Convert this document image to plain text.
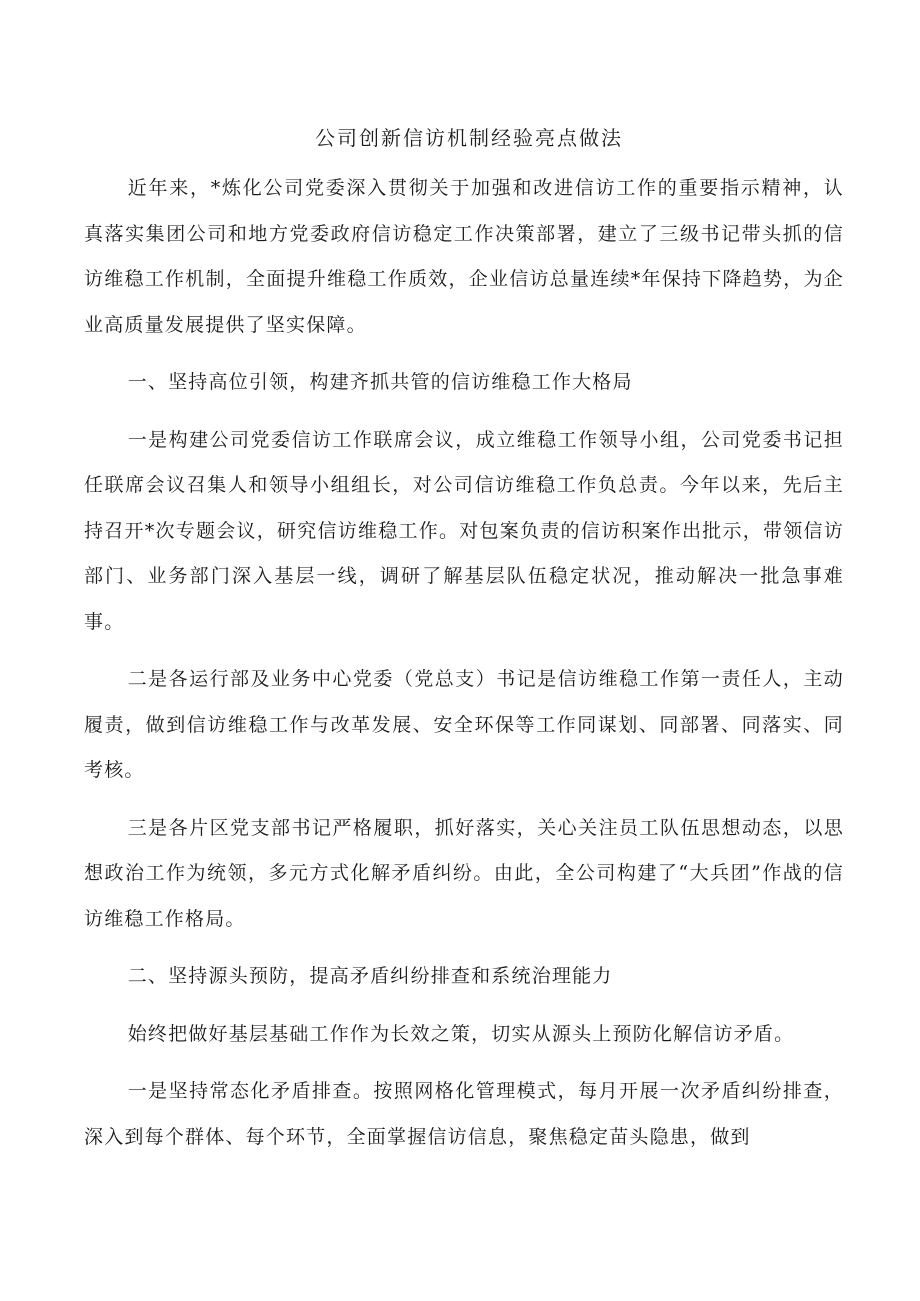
公司创新信访机制经验亮点做法

近年来，*炼化公司党委深入贯彻关于加强和改进信访工作的重要指示精神，认真落实集团公司和地方党委政府信访稳定工作决策部署，建立了三级书记带头抓的信访维稳工作机制，全面提升维稳工作质效，企业信访总量连续*年保持下降趋势，为企业高质量发展提供了坚实保障。

一、坚持高位引领，构建齐抓共管的信访维稳工作大格局

一是构建公司党委信访工作联席会议，成立维稳工作领导小组，公司党委书记担任联席会议召集人和领导小组组长，对公司信访维稳工作负总责。今年以来，先后主持召开*次专题会议，研究信访维稳工作。对包案负责的信访积案作出批示，带领信访部门、业务部门深入基层一线，调研了解基层队伍稳定状况，推动解决一批急事难事。

二是各运行部及业务中心党委（党总支）书记是信访维稳工作第一责任人，主动履责，做到信访维稳工作与改革发展、安全环保等工作同谋划、同部署、同落实、同考核。

三是各片区党支部书记严格履职，抓好落实，关心关注员工队伍思想动态，以思想政治工作为统领，多元方式化解矛盾纠纷。由此，全公司构建了“大兵团”作战的信访维稳工作格局。

二、坚持源头预防，提高矛盾纠纷排查和系统治理能力

始终把做好基层基础工作作为长效之策，切实从源头上预防化解信访矛盾。

一是坚持常态化矛盾排查。按照网格化管理模式，每月开展一次矛盾纠纷排查，深入到每个群体、每个环节，全面掌握信访信息，聚焦稳定苗头隐患，做到
